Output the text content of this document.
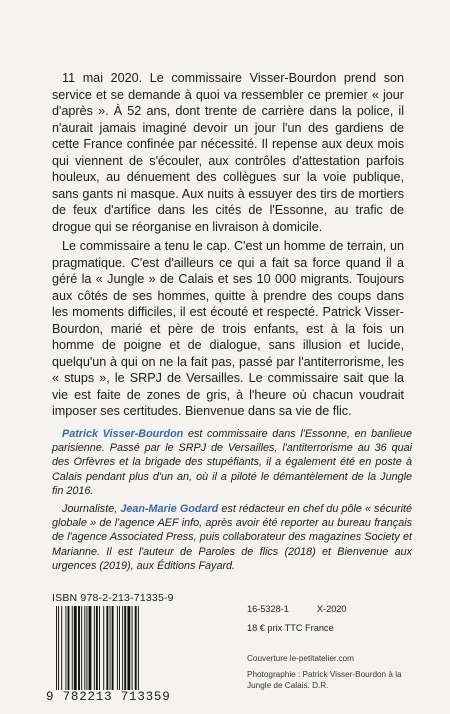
11 mai 2020. Le commissaire Visser-Bourdon prend son service et se demande à quoi va ressembler ce premier « jour d'après ». À 52 ans, dont trente de carrière dans la police, il n'aurait jamais imaginé devoir un jour l'un des gardiens de cette France confinée par nécessité. Il repense aux deux mois qui viennent de s'écouler, aux contrôles d'attestation parfois houleux, au dénuement des collègues sur la voie publique, sans gants ni masque. Aux nuits à essuyer des tirs de mortiers de feux d'artifice dans les cités de l'Essonne, au trafic de drogue qui se réorganise en livraison à domicile.

Le commissaire a tenu le cap. C'est un homme de terrain, un pragmatique. C'est d'ailleurs ce qui a fait sa force quand il a géré la « Jungle » de Calais et ses 10 000 migrants. Toujours aux côtés de ses hommes, quitte à prendre des coups dans les moments difficiles, il est écouté et respecté. Patrick Visser-Bourdon, marié et père de trois enfants, est à la fois un homme de poigne et de dialogue, sans illusion et lucide, quelqu'un à qui on ne la fait pas, passé par l'antiterrorisme, les « stups », le SRPJ de Versailles. Le commissaire sait que la vie est faite de zones de gris, à l'heure où chacun voudrait imposer ses certitudes. Bienvenue dans sa vie de flic.

Patrick Visser-Bourdon est commissaire dans l'Essonne, en banlieue parisienne. Passé par le SRPJ de Versailles, l'antiterrorisme au 36 quai des Orfèvres et la brigade des stupéfiants, il a également été en poste à Calais pendant plus d'un an, où il a piloté le démantèlement de la Jungle fin 2016.

Journaliste, Jean-Marie Godard est rédacteur en chef du pôle « sécurité globale » de l'agence AEF info, après avoir été reporter au bureau français de l'agence Associated Press, puis collaborateur des magazines Society et Marianne. Il est l'auteur de Paroles de flics (2018) et Bienvenue aux urgences (2019), aux Éditions Fayard.

ISBN 978-2-213-71335-9
9 782213 713359
16-5328-1	X-2020
18 € prix TTC France
Couverture le-petitatelier.com
Photographie : Patrick Visser-Bourdon à la Jungle de Calais. D.R.
